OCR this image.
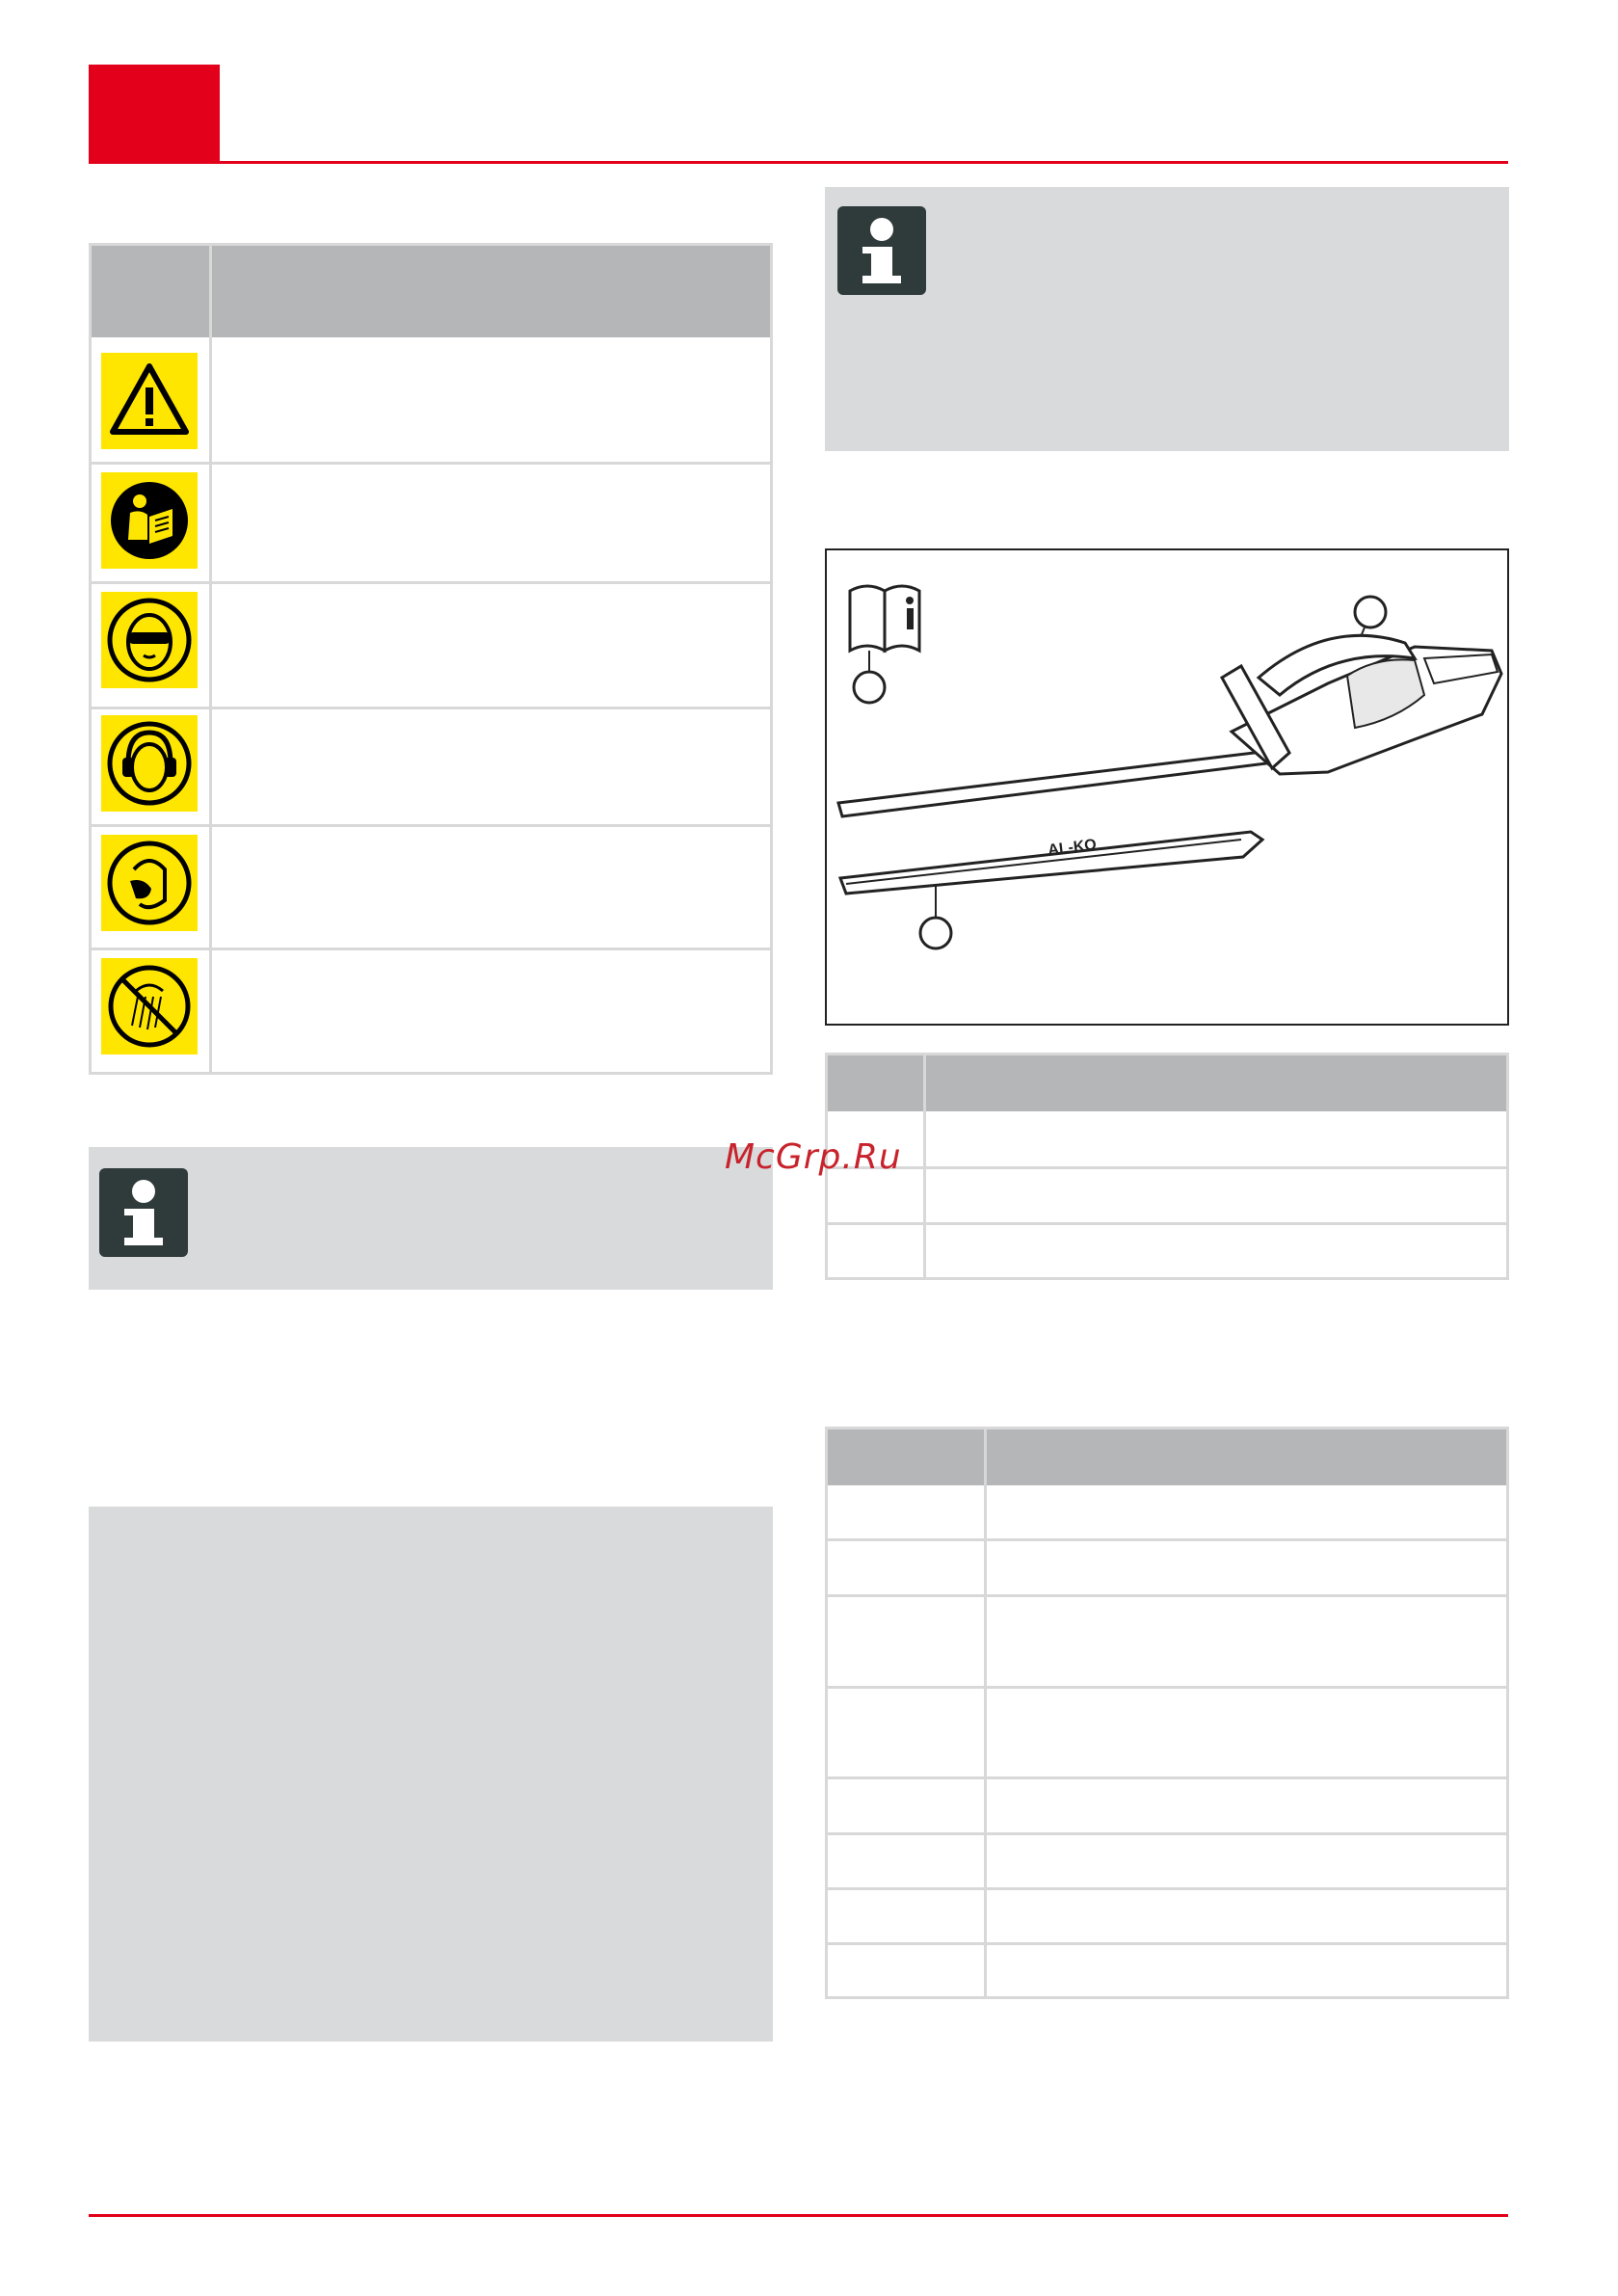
AL-KO
McGrp.Ru
